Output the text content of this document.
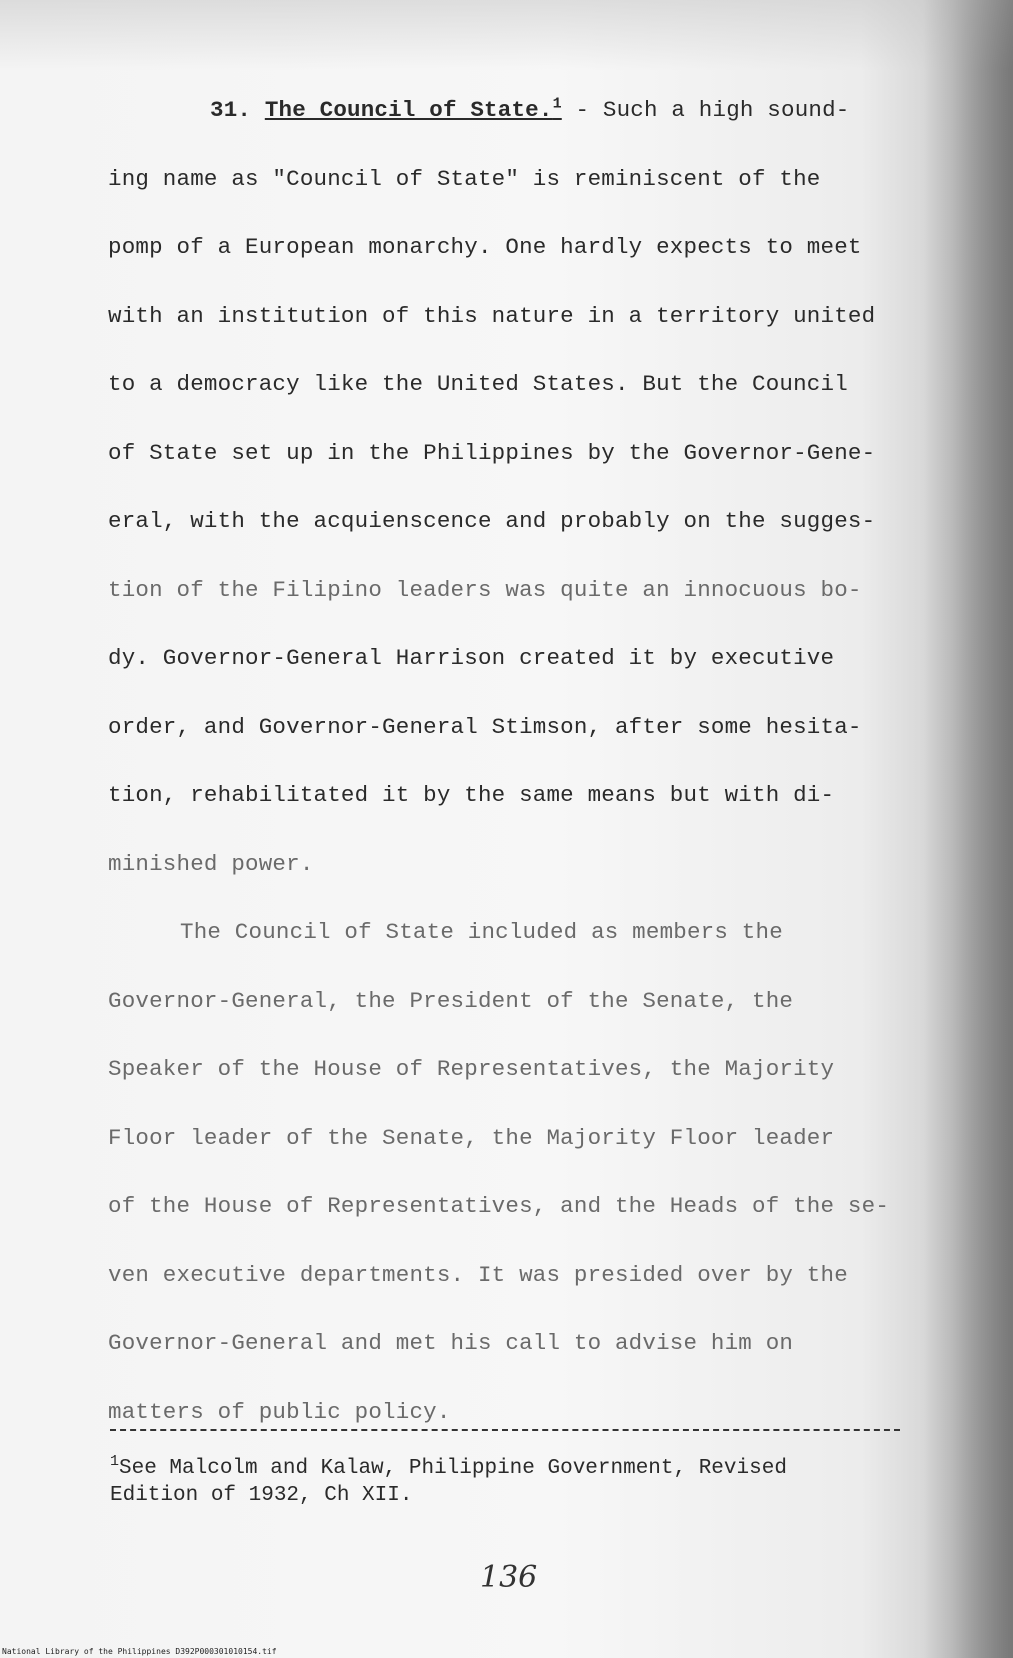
31. The Council of State.$^1$ - Such a high sound-
ing name as "Council of State" is reminiscent of the
pomp of a European monarchy. One hardly expects to meet
with an institution of this nature in a territory united
to a democracy like the United States. But the Council
of State set up in the Philippines by the Governor-Gene-
eral, with the acquienscence and probably on the sugges-
tion of the Filipino leaders was quite an innocuous bo-
dy. Governor-General Harrison created it by executive
order, and Governor-General Stimson, after some hesita-
tion, rehabilitated it by the same means but with di-
minished power.
The Council of State included as members the
Governor-General, the President of the Senate, the
Speaker of the House of Representatives, the Majority
Floor leader of the Senate, the Majority Floor leader
of the House of Representatives, and the Heads of the se-
ven executive departments. It was presided over by the
Governor-General and met his call to advise him on
matters of public policy.
$^1$See Malcolm and Kalaw, Philippine Government, Revised
Edition of 1932, Ch XII.
136
National Library of the Philippines D392P000301010154.tif
